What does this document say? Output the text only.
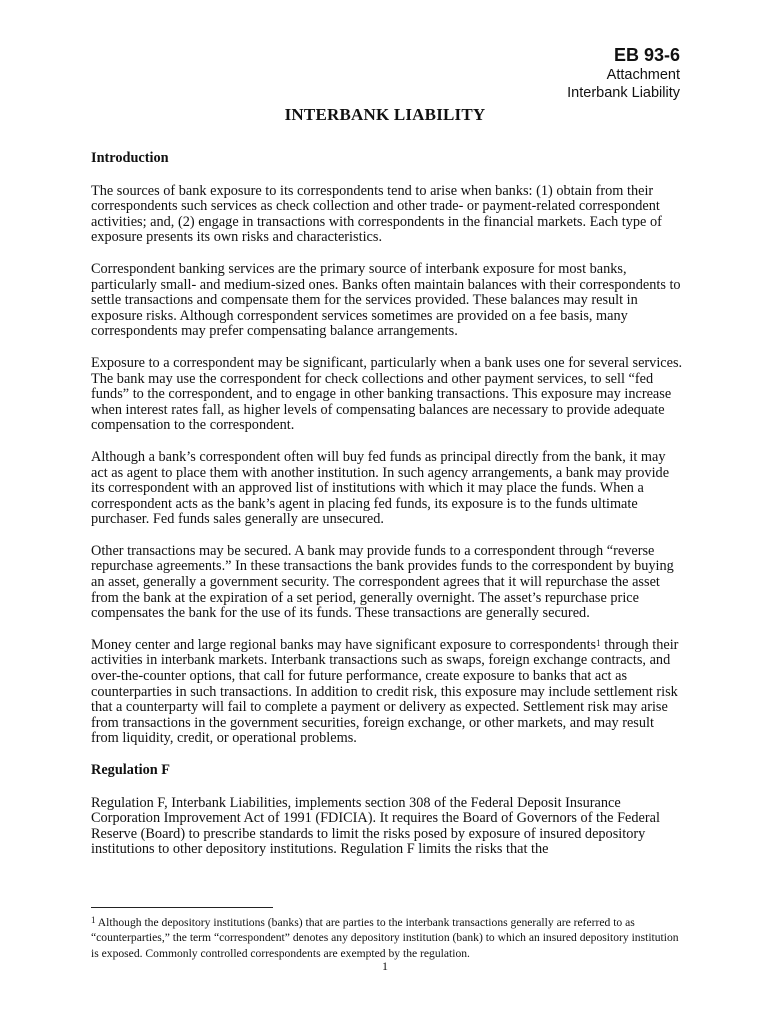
EB 93-6
Attachment
Interbank Liability
INTERBANK LIABILITY
Introduction

The sources of bank exposure to its correspondents tend to arise when banks: (1) obtain from their correspondents such services as check collection and other trade- or payment-related correspondent activities; and, (2) engage in transactions with correspondents in the financial markets. Each type of exposure presents its own risks and characteristics.

Correspondent banking services are the primary source of interbank exposure for most banks, particularly small- and medium-sized ones. Banks often maintain balances with their correspondents to settle transactions and compensate them for the services provided. These balances may result in exposure risks. Although correspondent services sometimes are provided on a fee basis, many correspondents may prefer compensating balance arrangements.

Exposure to a correspondent may be significant, particularly when a bank uses one for several services. The bank may use the correspondent for check collections and other payment services, to sell “fed funds” to the correspondent, and to engage in other banking transactions. This exposure may increase when interest rates fall, as higher levels of compensating balances are necessary to provide adequate compensation to the correspondent.

Although a bank’s correspondent often will buy fed funds as principal directly from the bank, it may act as agent to place them with another institution. In such agency arrangements, a bank may provide its correspondent with an approved list of institutions with which it may place the funds. When a correspondent acts as the bank’s agent in placing fed funds, its exposure is to the funds ultimate purchaser. Fed funds sales generally are unsecured.

Other transactions may be secured. A bank may provide funds to a correspondent through “reverse repurchase agreements.” In these transactions the bank provides funds to the correspondent by buying an asset, generally a government security. The correspondent agrees that it will repurchase the asset from the bank at the expiration of a set period, generally overnight. The asset’s repurchase price compensates the bank for the use of its funds. These transactions are generally secured.

Money center and large regional banks may have significant exposure to correspondents$^1$ through their activities in interbank markets. Interbank transactions such as swaps, foreign exchange contracts, and over-the-counter options, that call for future performance, create exposure to banks that act as counterparties in such transactions. In addition to credit risk, this exposure may include settlement risk that a counterparty will fail to complete a payment or delivery as expected. Settlement risk may arise from transactions in the government securities, foreign exchange, or other markets, and may result from liquidity, credit, or operational problems.

Regulation F

Regulation F, Interbank Liabilities, implements section 308 of the Federal Deposit Insurance Corporation Improvement Act of 1991 (FDICIA). It requires the Board of Governors of the Federal Reserve (Board) to prescribe standards to limit the risks posed by exposure of insured depository institutions to other depository institutions. Regulation F limits the risks that the

$^1$ Although the depository institutions (banks) that are parties to the interbank transactions generally are referred to as “counterparties,” the term “correspondent” denotes any depository institution (bank) to which an insured depository institution is exposed. Commonly controlled correspondents are exempted by the regulation.
1
